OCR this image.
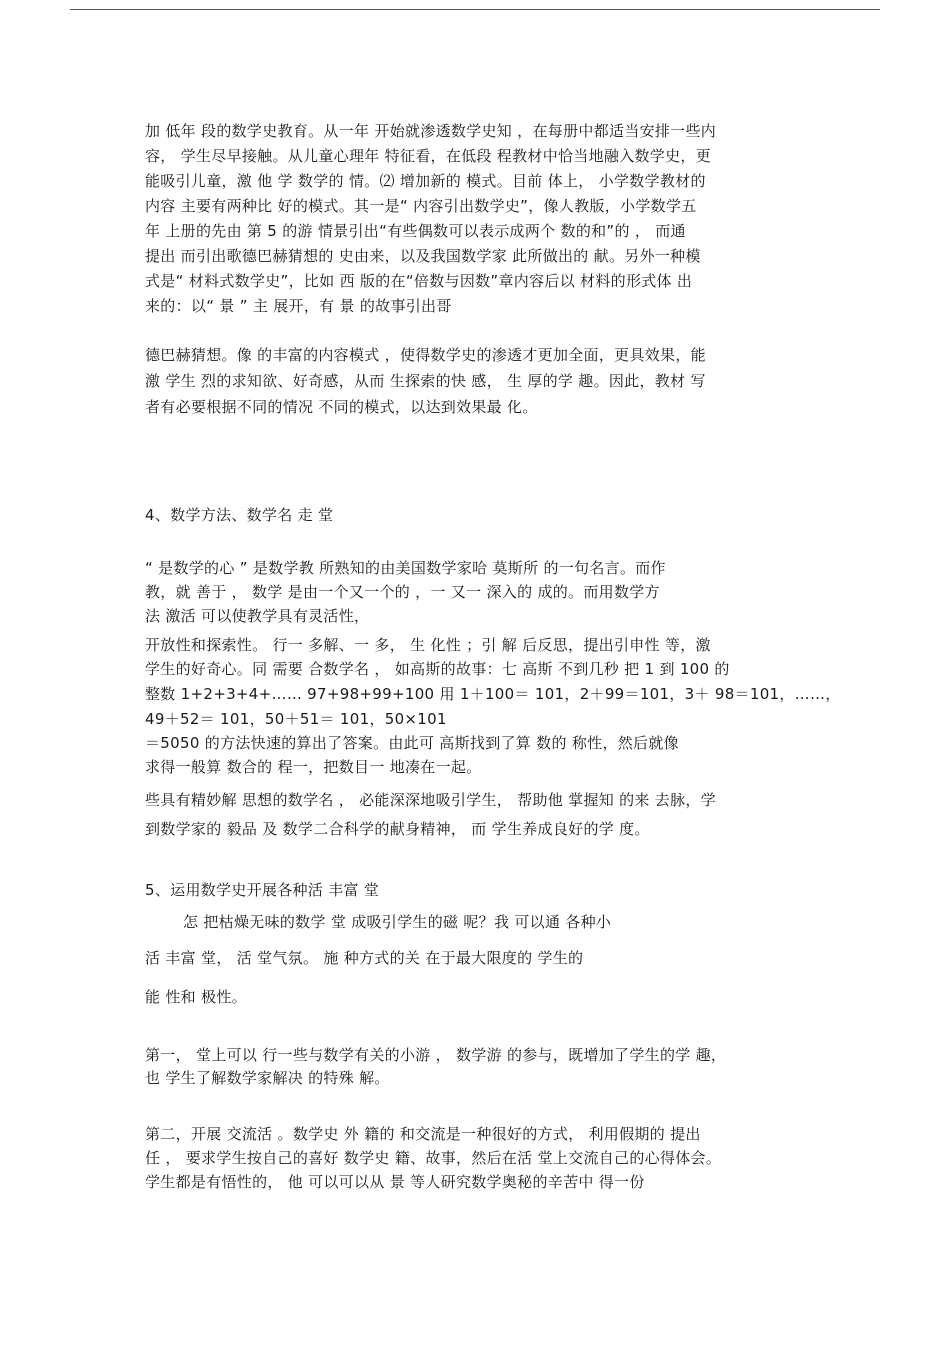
加 低年 段的数学史教育。从一年 开始就渗透数学史知 ，在每册中都适当安排一些内
容， 学生尽早接触。从儿童心理年 特征看，在低段 程教材中恰当地融入数学史，更
能吸引儿童，激 他 学 数学的 情。⑵ 增加新的 模式。目前 体上， 小学数学教材的
内容 主要有两种比 好的模式。其一是“ 内容引出数学史”，像人教版，小学数学五
年 上册的先由 第 5 的游 情景引出“有些偶数可以表示成两个 数的和”的 ， 而通
提出 而引出歌德巴赫猜想的 史由来，以及我国数学家 此所做出的 献。另外一种模
式是“ 材料式数学史”，比如 西 版的在“倍数与因数”章内容后以 材料的形式体 出
来的：以“ 景 ” 主 展开，有 景 的故事引出哥
德巴赫猜想。像 的丰富的内容模式 ，使得数学史的渗透才更加全面，更具效果，能
激 学生 烈的求知欲、好奇感，从而 生探索的快 感， 生 厚的学 趣。因此，教材 写
者有必要根据不同的情况 不同的模式，以达到效果最 化。
4、数学方法、数学名 走 堂
“ 是数学的心 ” 是数学教 所熟知的由美国数学家哈 莫斯所 的一句名言。而作
教，就 善于 ， 数学 是由一个又一个的 ，一 又一 深入的 成的。而用数学方
法 激活 可以使教学具有灵活性，
开放性和探索性。 行一 多解、一 多， 生 化性 ；引 解 后反思，提出引申性 等，激
学生的好奇心。同 需要 合数学名 ， 如高斯的故事：七 高斯 不到几秒 把 1 到 100 的
整数 1+2+3+4+…… 97+98+99+100 用 1＋100＝ 101，2＋99＝101，3＋ 98＝101，……，
49＋52＝ 101，50＋51＝ 101，50×101
＝5050 的方法快速的算出了答案。由此可 高斯找到了算 数的 称性，然后就像
求得一般算 数合的 程一，把数目一 地凑在一起。
些具有精妙解 思想的数学名 ， 必能深深地吸引学生， 帮助他 掌握知 的来 去脉，学
到数学家的 毅品 及 数学二合科学的献身精神， 而 学生养成良好的学 度。
5、运用数学史开展各种活 丰富 堂
怎 把枯燥无味的数学 堂 成吸引学生的磁 呢？我 可以通 各种小
活 丰富 堂， 活 堂气氛。 施 种方式的关 在于最大限度的 学生的
能 性和 极性。
第一， 堂上可以 行一些与数学有关的小游 ， 数学游 的参与，既增加了学生的学 趣，
也 学生了解数学家解决 的特殊 解。
第二，开展 交流活 。数学史 外 籍的 和交流是一种很好的方式， 利用假期的 提出
任 ， 要求学生按自己的喜好 数学史 籍、故事，然后在活 堂上交流自己的心得体会。
学生都是有悟性的， 他 可以可以从 景 等人研究数学奥秘的辛苦中 得一份
